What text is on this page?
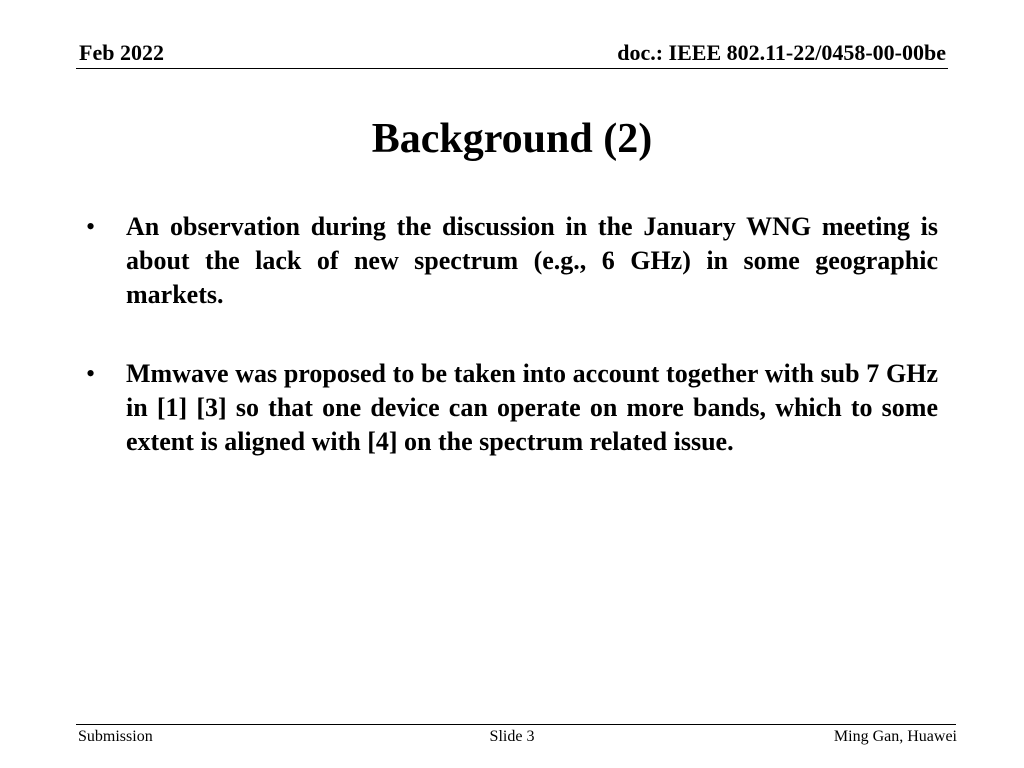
Feb 2022	doc.: IEEE 802.11-22/0458-00-00be
Background (2)
• An observation during the discussion in the January WNG meeting is about the lack of new spectrum (e.g., 6 GHz) in some geographic markets.
• Mmwave was proposed to be taken into account together with sub 7 GHz in [1] [3] so that one device can operate on more bands, which to some extent is aligned with [4] on the spectrum related issue.
Submission	Slide 3	Ming Gan, Huawei
